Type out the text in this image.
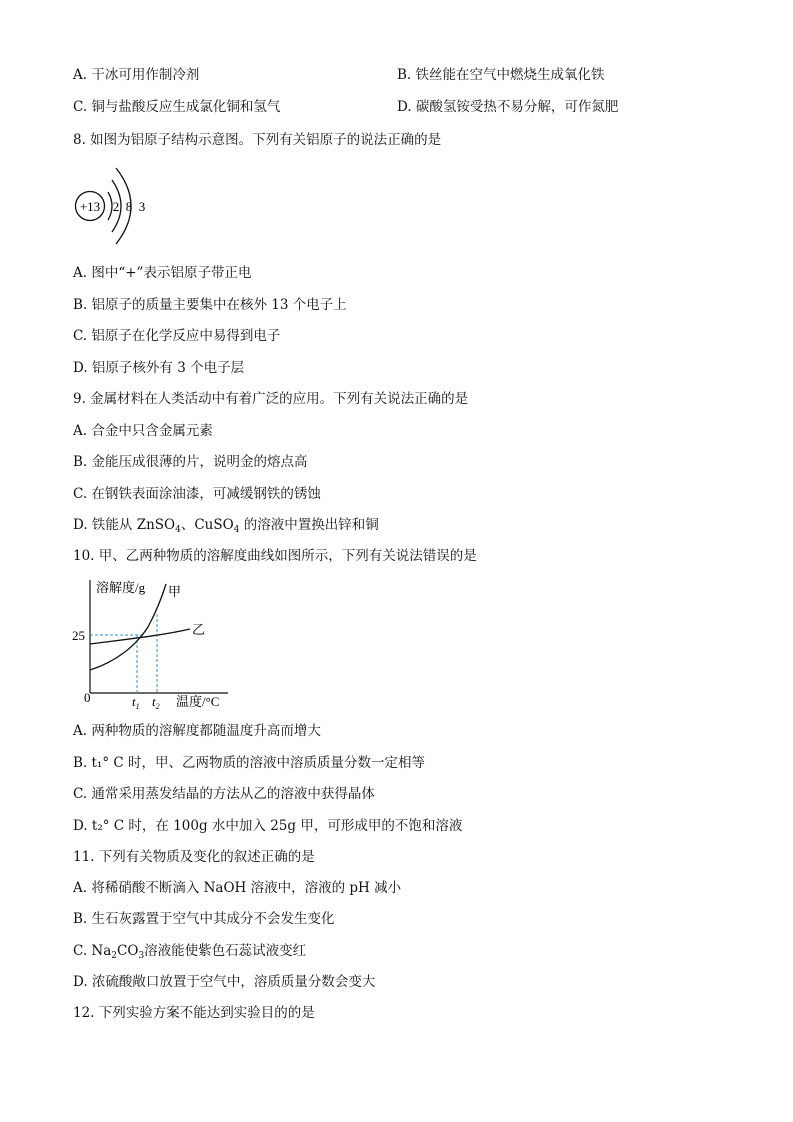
A. 干冰可用作制冷剂	B. 铁丝能在空气中燃烧生成氧化铁
C. 铜与盐酸反应生成氯化铜和氢气	D. 碳酸氢铵受热不易分解，可作氮肥
8. 如图为铝原子结构示意图。下列有关铝原子的说法正确的是
+13 2 8 3
A. 图中“+”表示铝原子带正电
B. 铝原子的质量主要集中在核外 13 个电子上
C. 铝原子在化学反应中易得到电子
D. 铝原子核外有 3 个电子层
9. 金属材料在人类活动中有着广泛的应用。下列有关说法正确的是
A. 合金中只含金属元素
B. 金能压成很薄的片，说明金的熔点高
C. 在钢铁表面涂油漆，可减缓钢铁的锈蚀
D. 铁能从 ZnSO$_4$、CuSO$_4$ 的溶液中置换出锌和铜
10. 甲、乙两种物质的溶解度曲线如图所示，下列有关说法错误的是
溶解度/g 甲
乙
25
0	$t_1$ $t_2$ 温度/°C
A. 两种物质的溶解度都随温度升高而增大
B. t₁° C 时，甲、乙两物质的溶液中溶质质量分数一定相等
C. 通常采用蒸发结晶的方法从乙的溶液中获得晶体
D. t₂° C 时，在 100g 水中加入 25g 甲，可形成甲的不饱和溶液
11. 下列有关物质及变化的叙述正确的是
A. 将稀硝酸不断滴入 NaOH 溶液中，溶液的 pH 减小
B. 生石灰露置于空气中其成分不会发生变化
C. $Na_2CO_3$溶液能使紫色石蕊试液变红
D. 浓硫酸敞口放置于空气中，溶质质量分数会变大
12. 下列实验方案不能达到实验目的的是
